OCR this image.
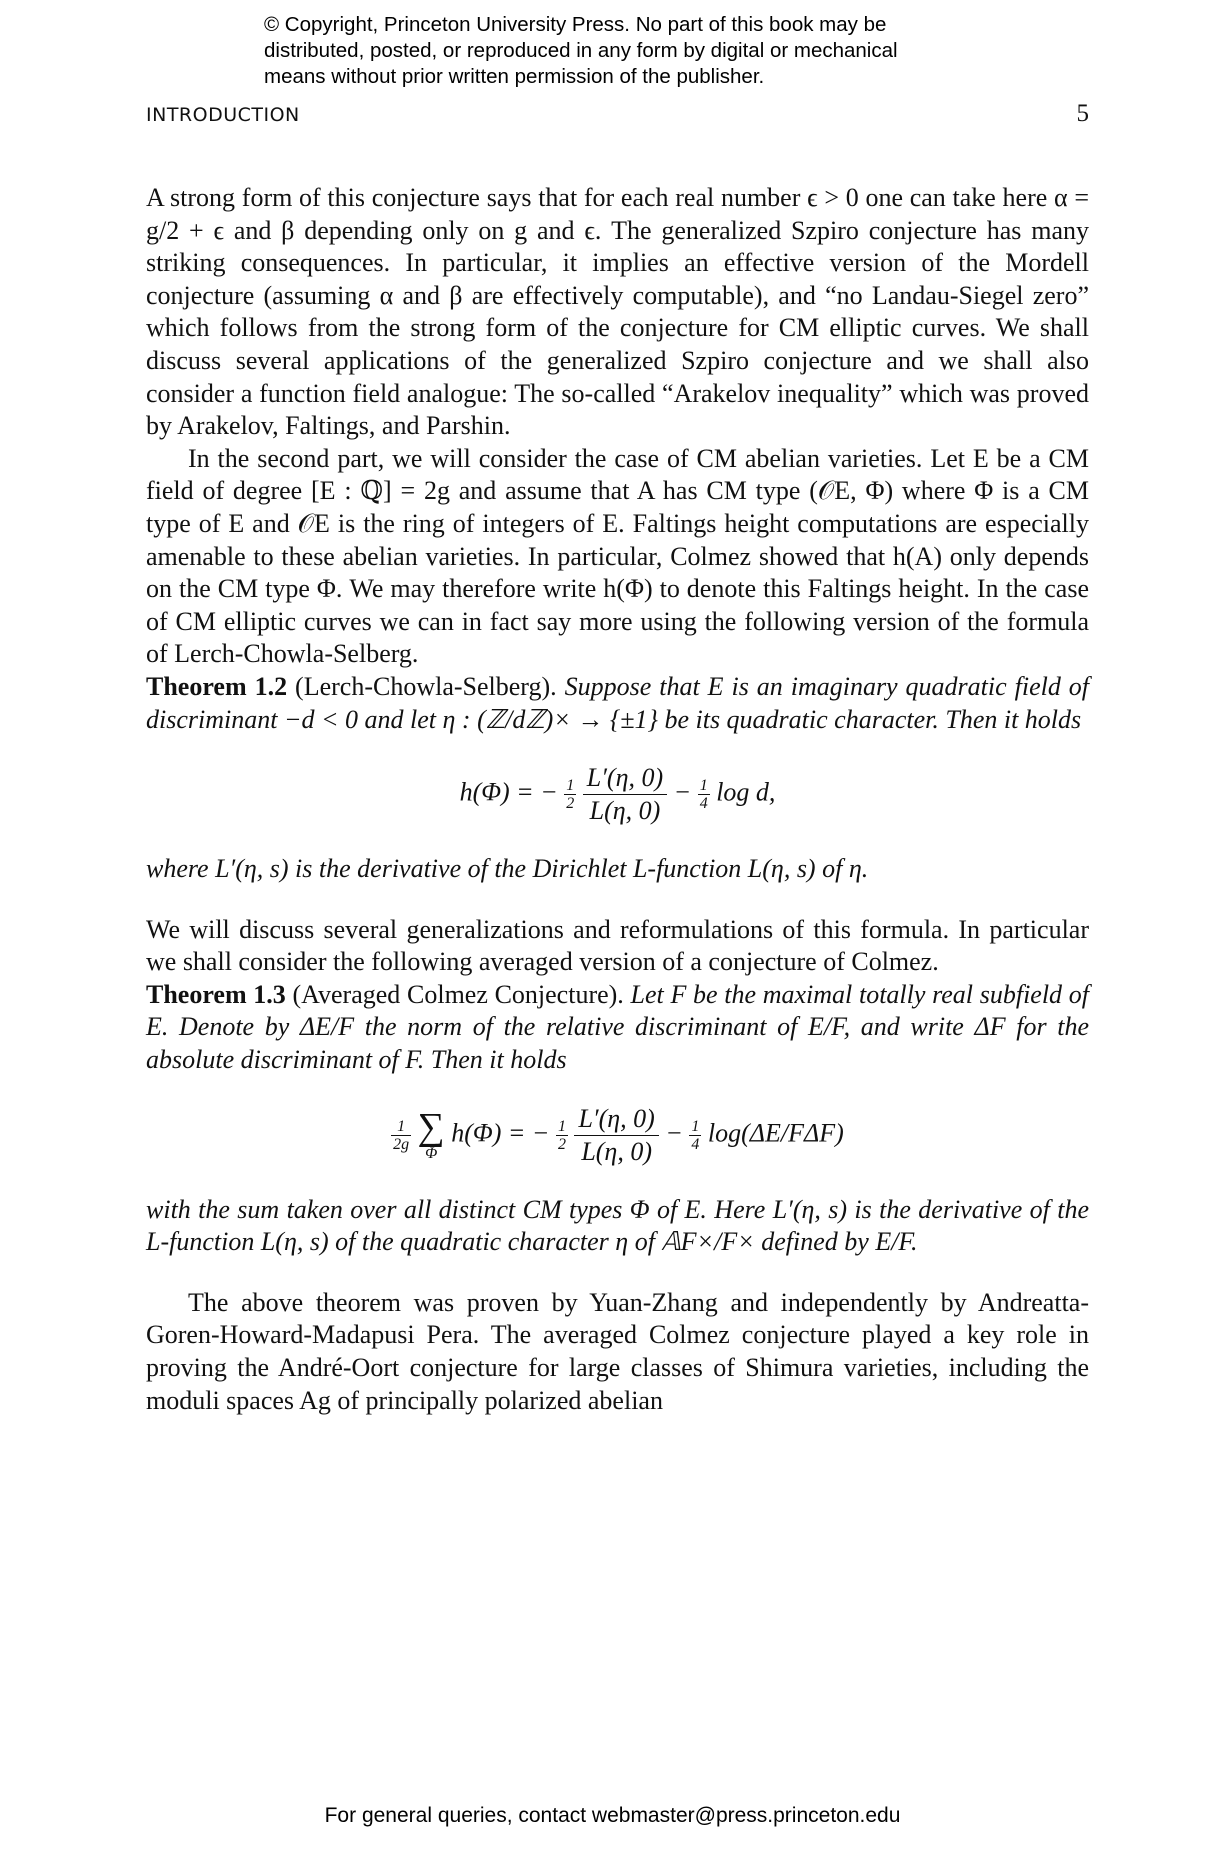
© Copyright, Princeton University Press. No part of this book may be
distributed, posted, or reproduced in any form by digital or mechanical
means without prior written permission of the publisher.
INTRODUCTION	5

A strong form of this conjecture says that for each real number ϵ > 0 one can take here α = g/2 + ϵ and β depending only on g and ϵ. The generalized Szpiro conjecture has many striking consequences. In particular, it implies an effective version of the Mordell conjecture (assuming α and β are effectively computable), and “no Landau-Siegel zero” which follows from the strong form of the conjecture for CM elliptic curves. We shall discuss several applications of the generalized Szpiro conjecture and we shall also consider a function field analogue: The so-called “Arakelov inequality” which was proved by Arakelov, Faltings, and Parshin.

In the second part, we will consider the case of CM abelian varieties. Let E be a CM field of degree [E : ℚ] = 2g and assume that A has CM type (𝒪E, Φ) where Φ is a CM type of E and 𝒪E is the ring of integers of E. Faltings height computations are especially amenable to these abelian varieties. In particular, Colmez showed that h(A) only depends on the CM type Φ. We may therefore write h(Φ) to denote this Faltings height. In the case of CM elliptic curves we can in fact say more using the following version of the formula of Lerch-Chowla-Selberg.

Theorem 1.2 (Lerch-Chowla-Selberg). Suppose that E is an imaginary quadratic field of discriminant −d < 0 and let η : (ℤ/dℤ)× → {±1} be its quadratic character. Then it holds

h(Φ) = − $\frac{1}{2}$
$\frac{L'(\eta, 0)}{L(\eta, 0)} - \frac{1}{4}$ log d,

where L′(η, s) is the derivative of the Dirichlet L-function L(η, s) of η.

We will discuss several generalizations and reformulations of this formula. In particular we shall consider the following averaged version of a conjecture of Colmez.

Theorem 1.3 (Averaged Colmez Conjecture). Let F be the maximal totally real subfield of E. Denote by ΔE/F the norm of the relative discriminant of E/F, and write ΔF for the absolute discriminant of F. Then it holds

$\frac{1}{2g}$
∑
Φ
h(Φ) = − $\frac{1}{2}$
$\frac{L'(\eta, 0)}{L(\eta, 0)} - \frac{1}{4} \log(\Delta E/F\Delta F)$

with the sum taken over all distinct CM types Φ of E. Here L′(η, s) is the derivative of the L-function L(η, s) of the quadratic character η of 𝔸F×/F× defined by E/F.

The above theorem was proven by Yuan-Zhang and independently by Andreatta-Goren-Howard-Madapusi Pera. The averaged Colmez conjecture played a key role in proving the André-Oort conjecture for large classes of Shimura varieties, including the moduli spaces Ag of principally polarized abelian

For general queries, contact webmaster@press.princeton.edu
